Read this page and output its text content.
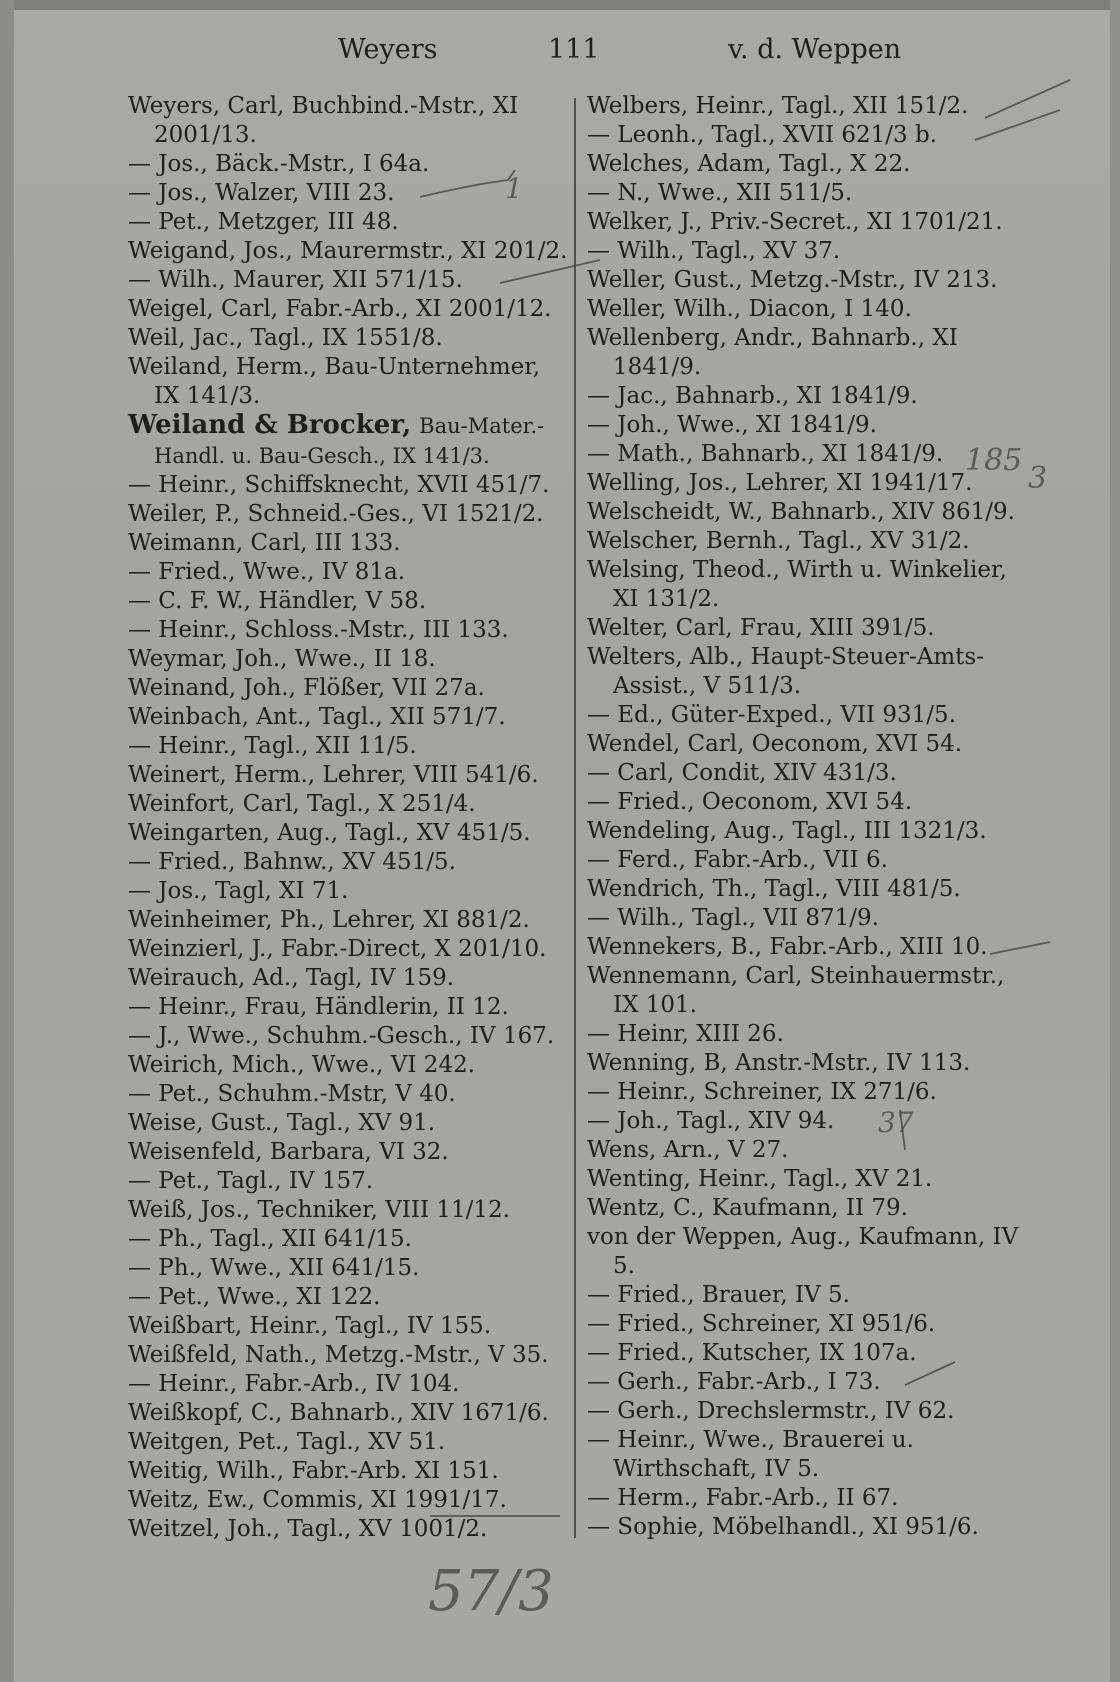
Weyers	111	v. d. Weppen
Weyers, Carl, Buchbind.-Mstr., XI 2001/13.
— Jos., Bäck.-Mstr., I 64a.
— Jos., Walzer, VIII 23.
— Pet., Metzger, III 48.
Weigand, Jos., Maurermstr., XI 201/2.
— Wilh., Maurer, XII 571/15.
Weigel, Carl, Fabr.-Arb., XI 2001/12.
Weil, Jac., Tagl., IX 1551/8.
Weiland, Herm., Bau-Unternehmer, IX 141/3.
Weiland & Brocker, Bau-Mater.-Handl. u. Bau-Gesch., IX 141/3.
— Heinr., Schiffsknecht, XVII 451/7.
Weiler, P., Schneid.-Ges., VI 1521/2.
Weimann, Carl, III 133.
— Fried., Wwe., IV 81a.
— C. F. W., Händler, V 58.
— Heinr., Schloss.-Mstr., III 133.
Weymar, Joh., Wwe., II 18.
Weinand, Joh., Flößer, VII 27a.
Weinbach, Ant., Tagl., XII 571/7.
— Heinr., Tagl., XII 11/5.
Weinert, Herm., Lehrer, VIII 541/6.
Weinfort, Carl, Tagl., X 251/4.
Weingarten, Aug., Tagl., XV 451/5.
— Fried., Bahnw., XV 451/5.
— Jos., Tagl, XI 71.
Weinheimer, Ph., Lehrer, XI 881/2.
Weinzierl, J., Fabr.-Direct, X 201/10.
Weirauch, Ad., Tagl, IV 159.
— Heinr., Frau, Händlerin, II 12.
— J., Wwe., Schuhm.-Gesch., IV 167.
Weirich, Mich., Wwe., VI 242.
— Pet., Schuhm.-Mstr, V 40.
Weise, Gust., Tagl., XV 91.
Weisenfeld, Barbara, VI 32.
— Pet., Tagl., IV 157.
Weiß, Jos., Techniker, VIII 11/12.
— Ph., Tagl., XII 641/15.
— Ph., Wwe., XII 641/15.
— Pet., Wwe., XI 122.
Weißbart, Heinr., Tagl., IV 155.
Weißfeld, Nath., Metzg.-Mstr., V 35.
— Heinr., Fabr.-Arb., IV 104.
Weißkopf, C., Bahnarb., XIV 1671/6.
Weitgen, Pet., Tagl., XV 51.
Weitig, Wilh., Fabr.-Arb. XI 151.
Weitz, Ew., Commis, XI 1991/17.
Weitzel, Joh., Tagl., XV 1001/2.
Welbers, Heinr., Tagl., XII 151/2.
— Leonh., Tagl., XVII 621/3 b.
Welches, Adam, Tagl., X 22.
— N., Wwe., XII 511/5.
Welker, J., Priv.-Secret., XI 1701/21.
— Wilh., Tagl., XV 37.
Weller, Gust., Metzg.-Mstr., IV 213.
Weller, Wilh., Diacon, I 140.
Wellenberg, Andr., Bahnarb., XI 1841/9.
— Jac., Bahnarb., XI 1841/9.
— Joh., Wwe., XI 1841/9.
— Math., Bahnarb., XI 1841/9.
Welling, Jos., Lehrer, XI 1941/17.
Welscheidt, W., Bahnarb., XIV 861/9.
Welscher, Bernh., Tagl., XV 31/2.
Welsing, Theod., Wirth u. Winkelier, XI 131/2.
Welter, Carl, Frau, XIII 391/5.
Welters, Alb., Haupt-Steuer-Amts-Assist., V 511/3.
— Ed., Güter-Exped., VII 931/5.
Wendel, Carl, Oeconom, XVI 54.
— Carl, Condit, XIV 431/3.
— Fried., Oeconom, XVI 54.
Wendeling, Aug., Tagl., III 1321/3.
— Ferd., Fabr.-Arb., VII 6.
Wendrich, Th., Tagl., VIII 481/5.
— Wilh., Tagl., VII 871/9.
Wennekers, B., Fabr.-Arb., XIII 10.
Wennemann, Carl, Steinhauermstr., IX 101.
— Heinr, XIII 26.
Wenning, B, Anstr.-Mstr., IV 113.
— Heinr., Schreiner, IX 271/6.
— Joh., Tagl., XIV 94.
Wens, Arn., V 27.
Wenting, Heinr., Tagl., XV 21.
Wentz, C., Kaufmann, II 79.
von der Weppen, Aug., Kaufmann, IV 5.
— Fried., Brauer, IV 5.
— Fried., Schreiner, XI 951/6.
— Fried., Kutscher, IX 107a.
— Gerh., Fabr.-Arb., I 73.
— Gerh., Drechslermstr., IV 62.
— Heinr., Wwe., Brauerei u. Wirthschaft, IV 5.
— Herm., Fabr.-Arb., II 67.
— Sophie, Möbelhandl., XI 951/6.
1
185
3
37
57/3
